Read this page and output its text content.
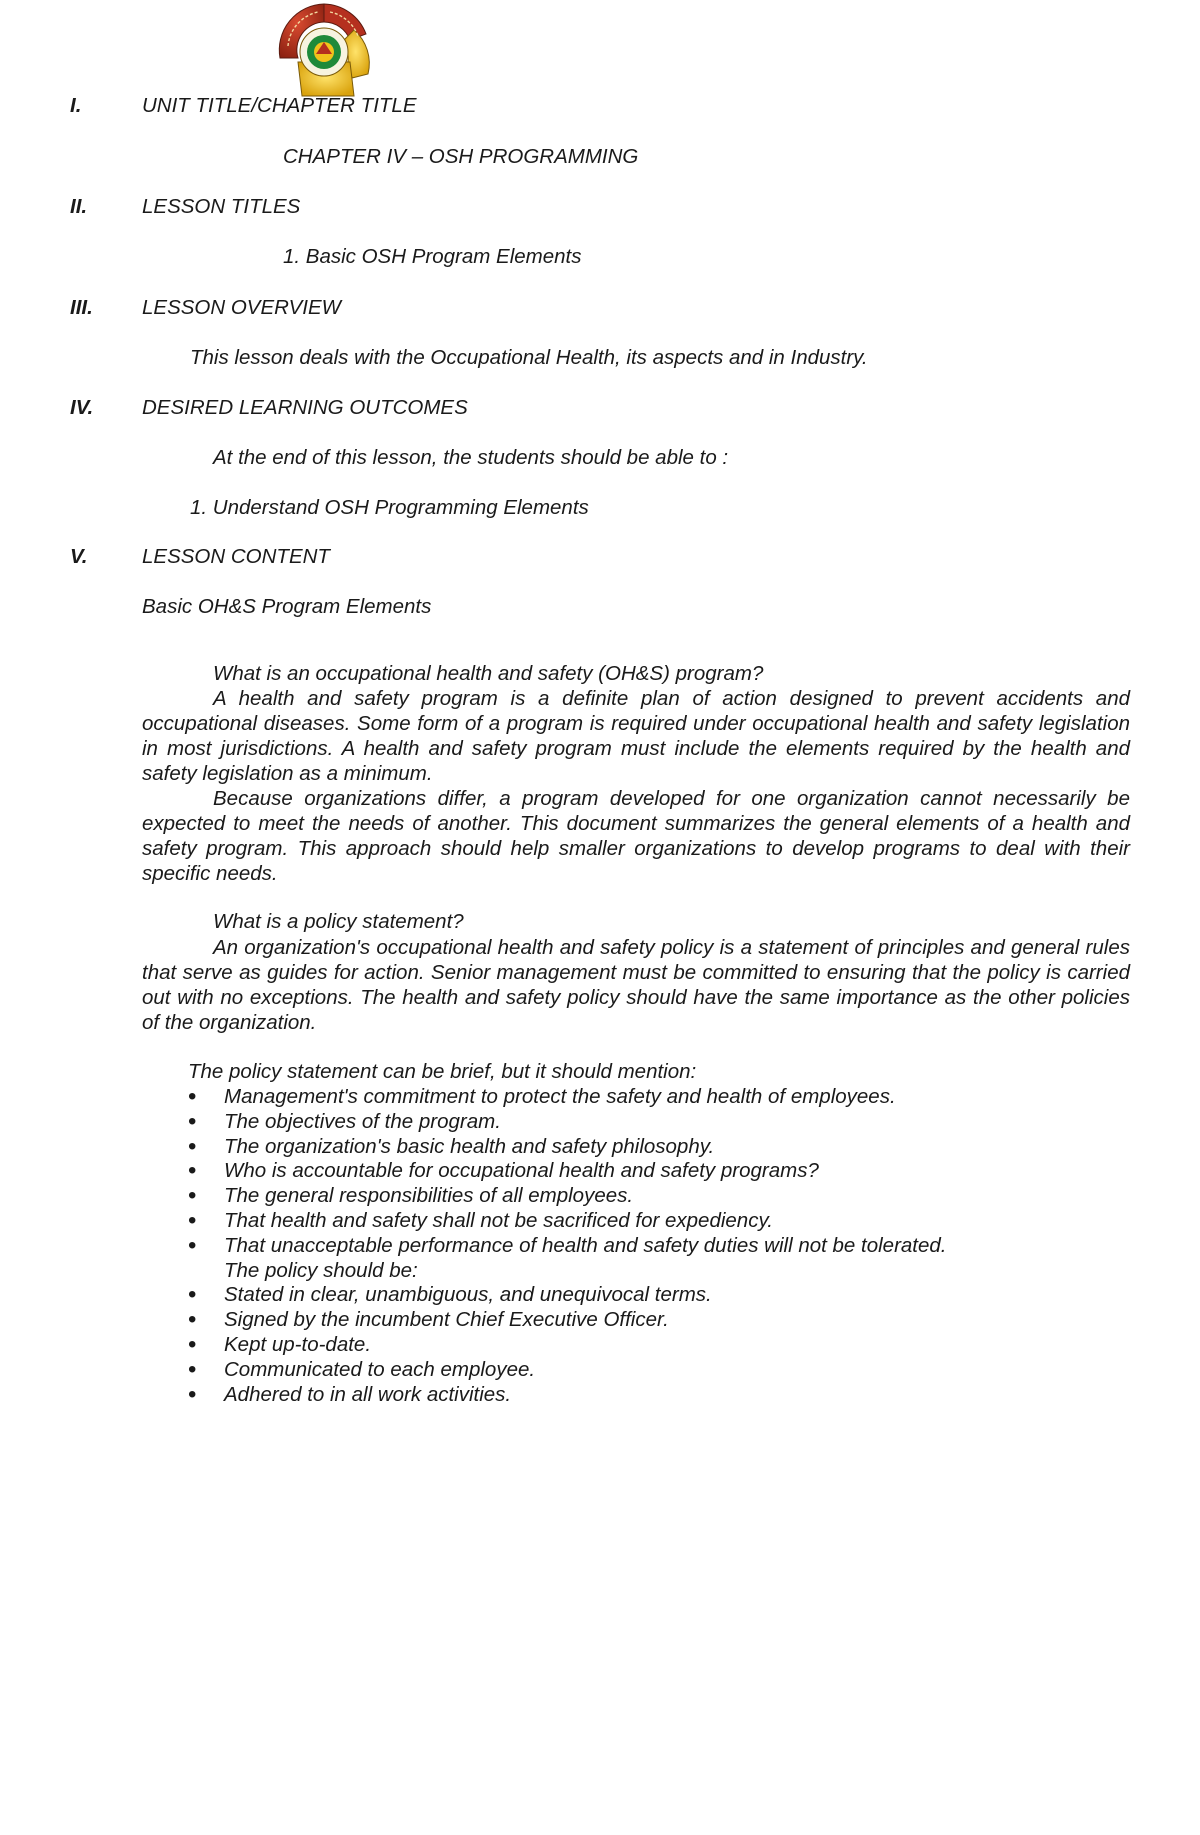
I.	UNIT TITLE/CHAPTER TITLE
CHAPTER IV – OSH PROGRAMMING
II.	LESSON TITLES
1. Basic OSH Program Elements
III. LESSON OVERVIEW
This lesson deals with the Occupational Health, its aspects and in Industry.
IV. DESIRED LEARNING OUTCOMES
At the end of this lesson, the students should be able to :
1. Understand OSH Programming Elements
V.	LESSON CONTENT
Basic OH&S Program Elements
What is an occupational health and safety (OH&S) program?

A health and safety program is a definite plan of action designed to prevent accidents and occupational diseases. Some form of a program is required under occupational health and safety legislation in most jurisdictions. A health and safety program must include the elements required by the health and safety legislation as a minimum.

Because organizations differ, a program developed for one organization cannot necessarily be expected to meet the needs of another. This document summarizes the general elements of a health and safety program. This approach should help smaller organizations to develop programs to deal with their specific needs.

What is a policy statement?

An organization's occupational health and safety policy is a statement of principles and general rules that serve as guides for action. Senior management must be committed to ensuring that the policy is carried out with no exceptions. The health and safety policy should have the same importance as the other policies of the organization.

The policy statement can be brief, but it should mention:
• Management's commitment to protect the safety and health of employees.
• The objectives of the program.
• The organization's basic health and safety philosophy.
• Who is accountable for occupational health and safety programs?
• The general responsibilities of all employees.
• That health and safety shall not be sacrificed for expediency.
• That unacceptable performance of health and safety duties will not be tolerated.
The policy should be:
• Stated in clear, unambiguous, and unequivocal terms.
• Signed by the incumbent Chief Executive Officer.
• Kept up-to-date.
• Communicated to each employee.
• Adhered to in all work activities.
